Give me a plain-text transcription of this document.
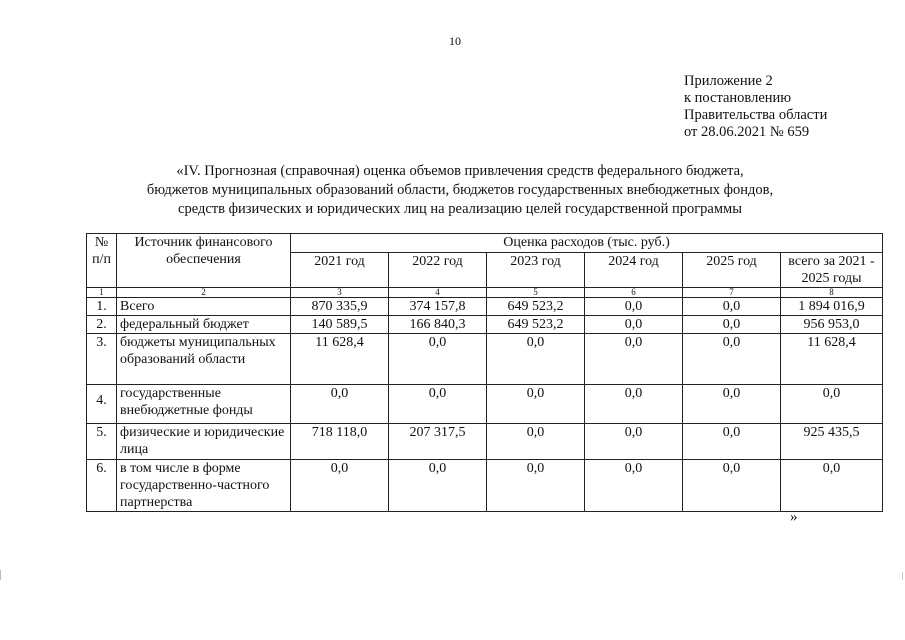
10
Приложение 2
к постановлению
Правительства области
от 28.06.2021 № 659
«IV. Прогнозная (справочная) оценка объемов привлечения средств федерального бюджета,
бюджетов муниципальных образований области, бюджетов государственных внебюджетных фондов,
средств физических и юридических лиц на реализацию целей государственной программы
№ п/п	Источник финансового обеспечения	Оценка расходов (тыс. руб.)					
		2021 год	2022 год	2023 год	2024 год	2025 год	всего за 2021 - 2025 годы
1	2	3	4	5	6	7	8
1.	Всего	870 335,9	374 157,8	649 523,2	0,0	0,0	1 894 016,9
2.	федеральный бюджет	140 589,5	166 840,3	649 523,2	0,0	0,0	956 953,0
3.	бюджеты муниципальных образований области	11 628,4	0,0	0,0	0,0	0,0	11 628,4
4.	государственные внебюджетные фонды	0,0	0,0	0,0	0,0	0,0	0,0
5.	физические и юридические лица	718 118,0	207 317,5	0,0	0,0	0,0	925 435,5
6.	в том числе в форме государственно-частного партнерства	0,0	0,0	0,0	0,0	0,0	0,0
»
